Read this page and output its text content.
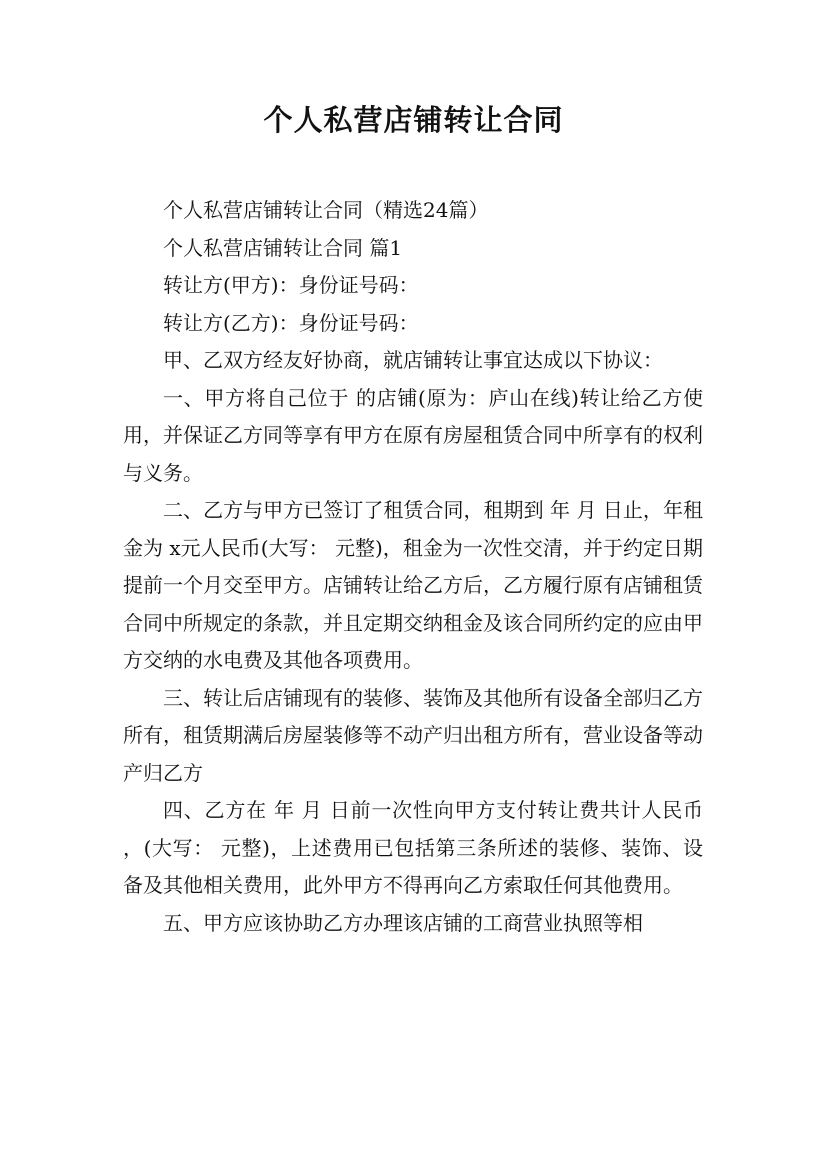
个人私营店铺转让合同

个人私营店铺转让合同（精选24篇）

个人私营店铺转让合同 篇1

转让方(甲方)：身份证号码：

转让方(乙方)：身份证号码：

甲、乙双方经友好协商，就店铺转让事宜达成以下协议：

一、甲方将自己位于 的店铺(原为：庐山在线)转让给乙方使用，并保证乙方同等享有甲方在原有房屋租赁合同中所享有的权利与义务。

二、乙方与甲方已签订了租赁合同，租期到 年 月 日止，年租金为 x元人民币(大写： 元整)，租金为一次性交清，并于约定日期提前一个月交至甲方。店铺转让给乙方后，乙方履行原有店铺租赁合同中所规定的条款，并且定期交纳租金及该合同所约定的应由甲方交纳的水电费及其他各项费用。

三、转让后店铺现有的装修、装饰及其他所有设备全部归乙方所有，租赁期满后房屋装修等不动产归出租方所有，营业设备等动产归乙方

四、乙方在 年 月 日前一次性向甲方支付转让费共计人民币 ，(大写： 元整)，上述费用已包括第三条所述的装修、装饰、设备及其他相关费用，此外甲方不得再向乙方索取任何其他费用。

五、甲方应该协助乙方办理该店铺的工商营业执照等相
